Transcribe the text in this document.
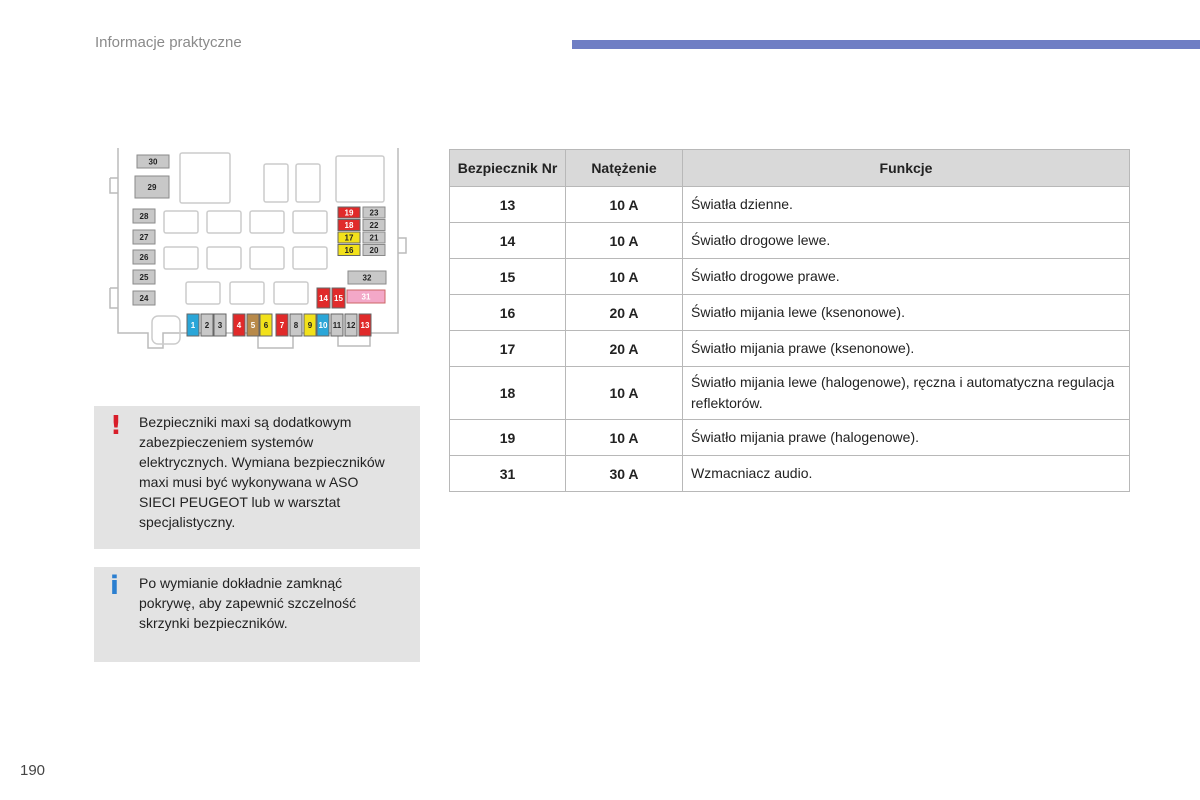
Informacje praktyczne
30
29
28
27
26
25
24
19 23
18 22
17 21
16 20
32
14 15 31
1 2 3 4 5 6 7 8 9 10 11 12 13
! Bezpieczniki maxi są dodatkowym
zabezpieczeniem systemów
elektrycznych. Wymiana bezpieczników
maxi musi być wykonywana w ASO
SIECI PEUGEOT lub w warsztat
specjalistyczny.
i Po wymianie dokładnie zamknąć
pokrywę, aby zapewnić szczelność
skrzynki bezpieczników.
Bezpiecznik Nr	Natężenie	Funkcje
13	10 A	Światła dzienne.
14	10 A	Światło drogowe lewe.
15	10 A	Światło drogowe prawe.
16	20 A	Światło mijania lewe (ksenonowe).
17	20 A	Światło mijania prawe (ksenonowe).
18	10 A	Światło mijania lewe (halogenowe), ręczna i automatyczna regulacja reflektorów.
19	10 A	Światło mijania prawe (halogenowe).
31	30 A	Wzmacniacz audio.
190
